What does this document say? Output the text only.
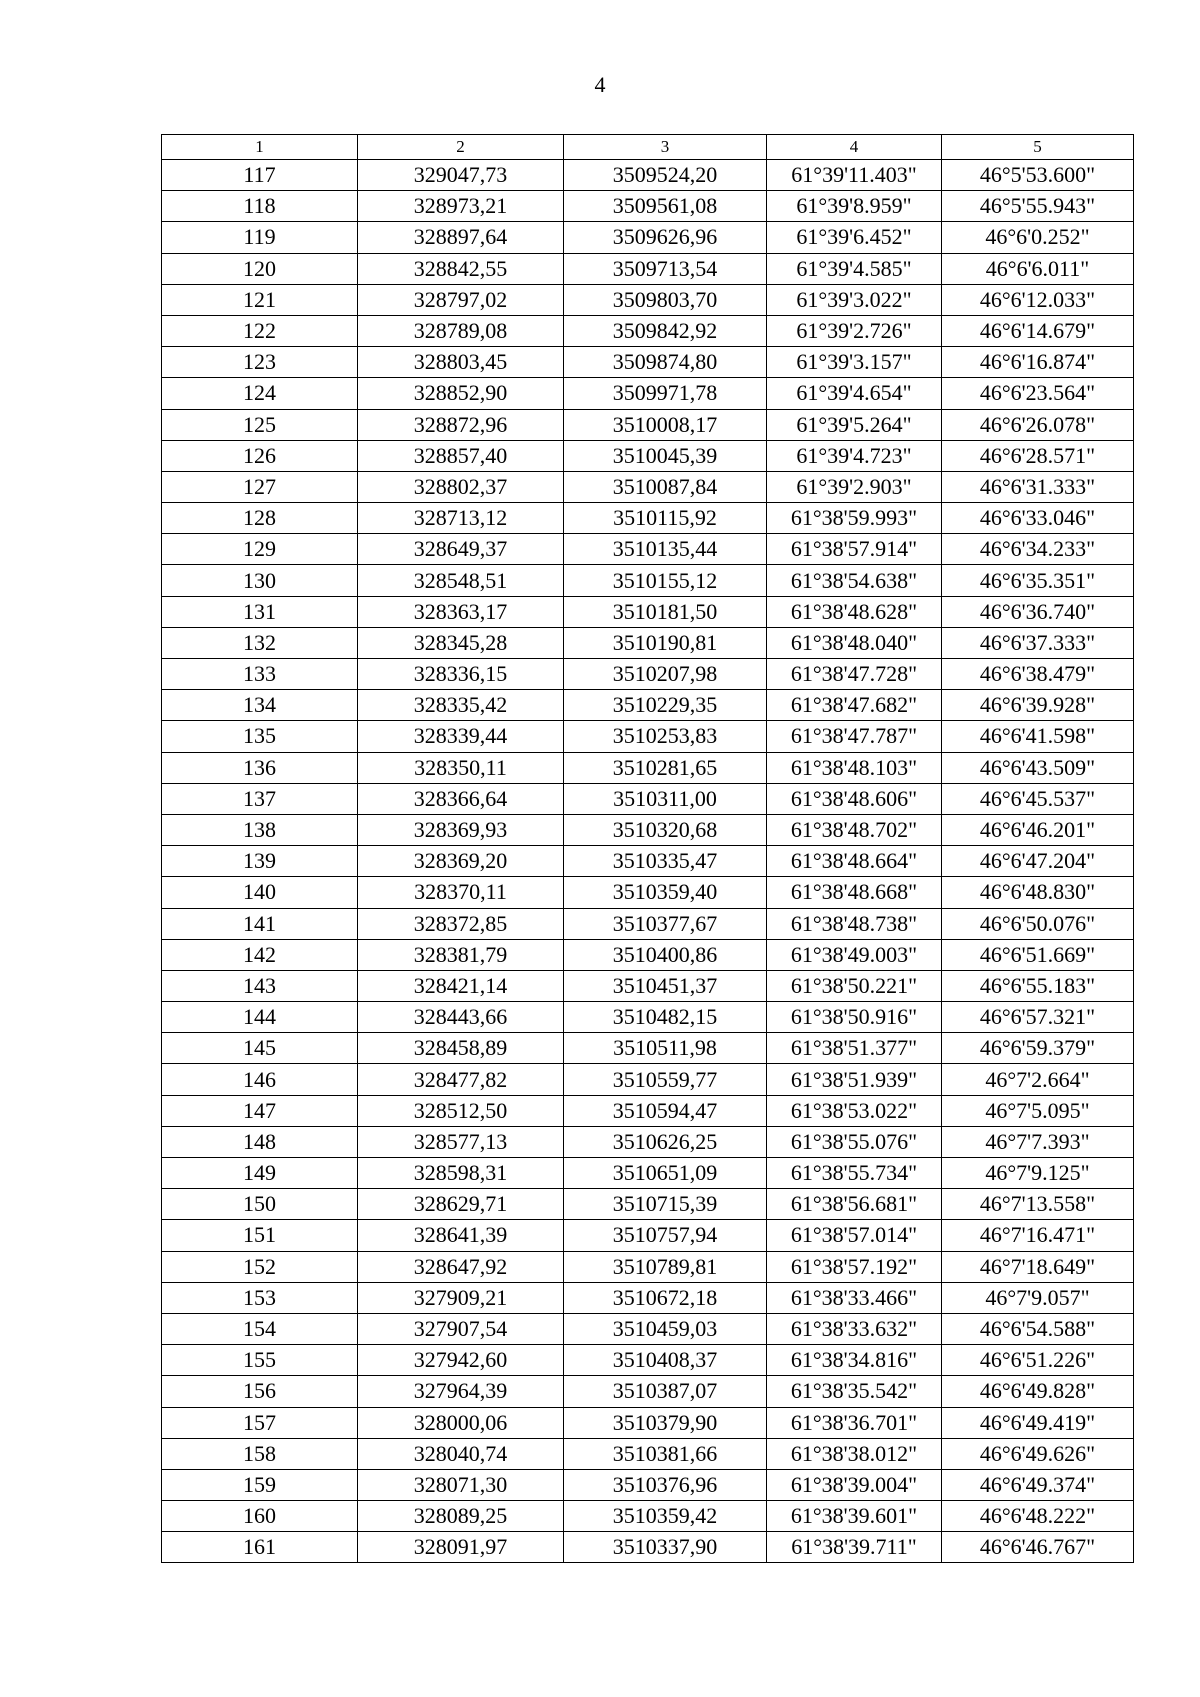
4
1	2	3	4	5
117	329047,73	3509524,20	61°39'11.403"	46°5'53.600"
118	328973,21	3509561,08	61°39'8.959"	46°5'55.943"
119	328897,64	3509626,96	61°39'6.452"	46°6'0.252"
120	328842,55	3509713,54	61°39'4.585"	46°6'6.011"
121	328797,02	3509803,70	61°39'3.022"	46°6'12.033"
122	328789,08	3509842,92	61°39'2.726"	46°6'14.679"
123	328803,45	3509874,80	61°39'3.157"	46°6'16.874"
124	328852,90	3509971,78	61°39'4.654"	46°6'23.564"
125	328872,96	3510008,17	61°39'5.264"	46°6'26.078"
126	328857,40	3510045,39	61°39'4.723"	46°6'28.571"
127	328802,37	3510087,84	61°39'2.903"	46°6'31.333"
128	328713,12	3510115,92	61°38'59.993"	46°6'33.046"
129	328649,37	3510135,44	61°38'57.914"	46°6'34.233"
130	328548,51	3510155,12	61°38'54.638"	46°6'35.351"
131	328363,17	3510181,50	61°38'48.628"	46°6'36.740"
132	328345,28	3510190,81	61°38'48.040"	46°6'37.333"
133	328336,15	3510207,98	61°38'47.728"	46°6'38.479"
134	328335,42	3510229,35	61°38'47.682"	46°6'39.928"
135	328339,44	3510253,83	61°38'47.787"	46°6'41.598"
136	328350,11	3510281,65	61°38'48.103"	46°6'43.509"
137	328366,64	3510311,00	61°38'48.606"	46°6'45.537"
138	328369,93	3510320,68	61°38'48.702"	46°6'46.201"
139	328369,20	3510335,47	61°38'48.664"	46°6'47.204"
140	328370,11	3510359,40	61°38'48.668"	46°6'48.830"
141	328372,85	3510377,67	61°38'48.738"	46°6'50.076"
142	328381,79	3510400,86	61°38'49.003"	46°6'51.669"
143	328421,14	3510451,37	61°38'50.221"	46°6'55.183"
144	328443,66	3510482,15	61°38'50.916"	46°6'57.321"
145	328458,89	3510511,98	61°38'51.377"	46°6'59.379"
146	328477,82	3510559,77	61°38'51.939"	46°7'2.664"
147	328512,50	3510594,47	61°38'53.022"	46°7'5.095"
148	328577,13	3510626,25	61°38'55.076"	46°7'7.393"
149	328598,31	3510651,09	61°38'55.734"	46°7'9.125"
150	328629,71	3510715,39	61°38'56.681"	46°7'13.558"
151	328641,39	3510757,94	61°38'57.014"	46°7'16.471"
152	328647,92	3510789,81	61°38'57.192"	46°7'18.649"
153	327909,21	3510672,18	61°38'33.466"	46°7'9.057"
154	327907,54	3510459,03	61°38'33.632"	46°6'54.588"
155	327942,60	3510408,37	61°38'34.816"	46°6'51.226"
156	327964,39	3510387,07	61°38'35.542"	46°6'49.828"
157	328000,06	3510379,90	61°38'36.701"	46°6'49.419"
158	328040,74	3510381,66	61°38'38.012"	46°6'49.626"
159	328071,30	3510376,96	61°38'39.004"	46°6'49.374"
160	328089,25	3510359,42	61°38'39.601"	46°6'48.222"
161	328091,97	3510337,90	61°38'39.711"	46°6'46.767"
